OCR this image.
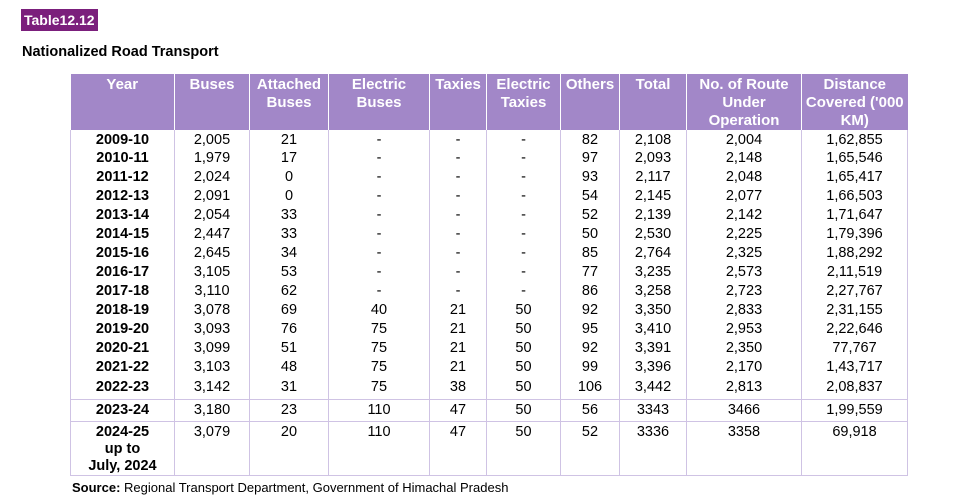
Table12.12
Nationalized Road Transport
Year	Buses	Attached Buses	Electric Buses	Taxies	Electric Taxies	Others	Total	No. of Route Under Operation	Distance Covered ('000 KM)
2009-10	2,005	21	-	-	-	82	2,108	2,004	1,62,855
2010-11	1,979	17	-	-	-	97	2,093	2,148	1,65,546
2011-12	2,024	0	-	-	-	93	2,117	2,048	1,65,417
2012-13	2,091	0	-	-	-	54	2,145	2,077	1,66,503
2013-14	2,054	33	-	-	-	52	2,139	2,142	1,71,647
2014-15	2,447	33	-	-	-	50	2,530	2,225	1,79,396
2015-16	2,645	34	-	-	-	85	2,764	2,325	1,88,292
2016-17	3,105	53	-	-	-	77	3,235	2,573	2,11,519
2017-18	3,110	62	-	-	-	86	3,258	2,723	2,27,767
2018-19	3,078	69	40	21	50	92	3,350	2,833	2,31,155
2019-20	3,093	76	75	21	50	95	3,410	2,953	2,22,646
2020-21	3,099	51	75	21	50	92	3,391	2,350	77,767
2021-22	3,103	48	75	21	50	99	3,396	2,170	1,43,717
2022-23	3,142	31	75	38	50	106	3,442	2,813	2,08,837
2023-24	3,180	23	110	47	50	56	3343	3466	1,99,559
2024-25
up to
July, 2024	3,079	20	110	47	50	52	3336	3358	69,918
Source: Regional Transport Department, Government of Himachal Pradesh
